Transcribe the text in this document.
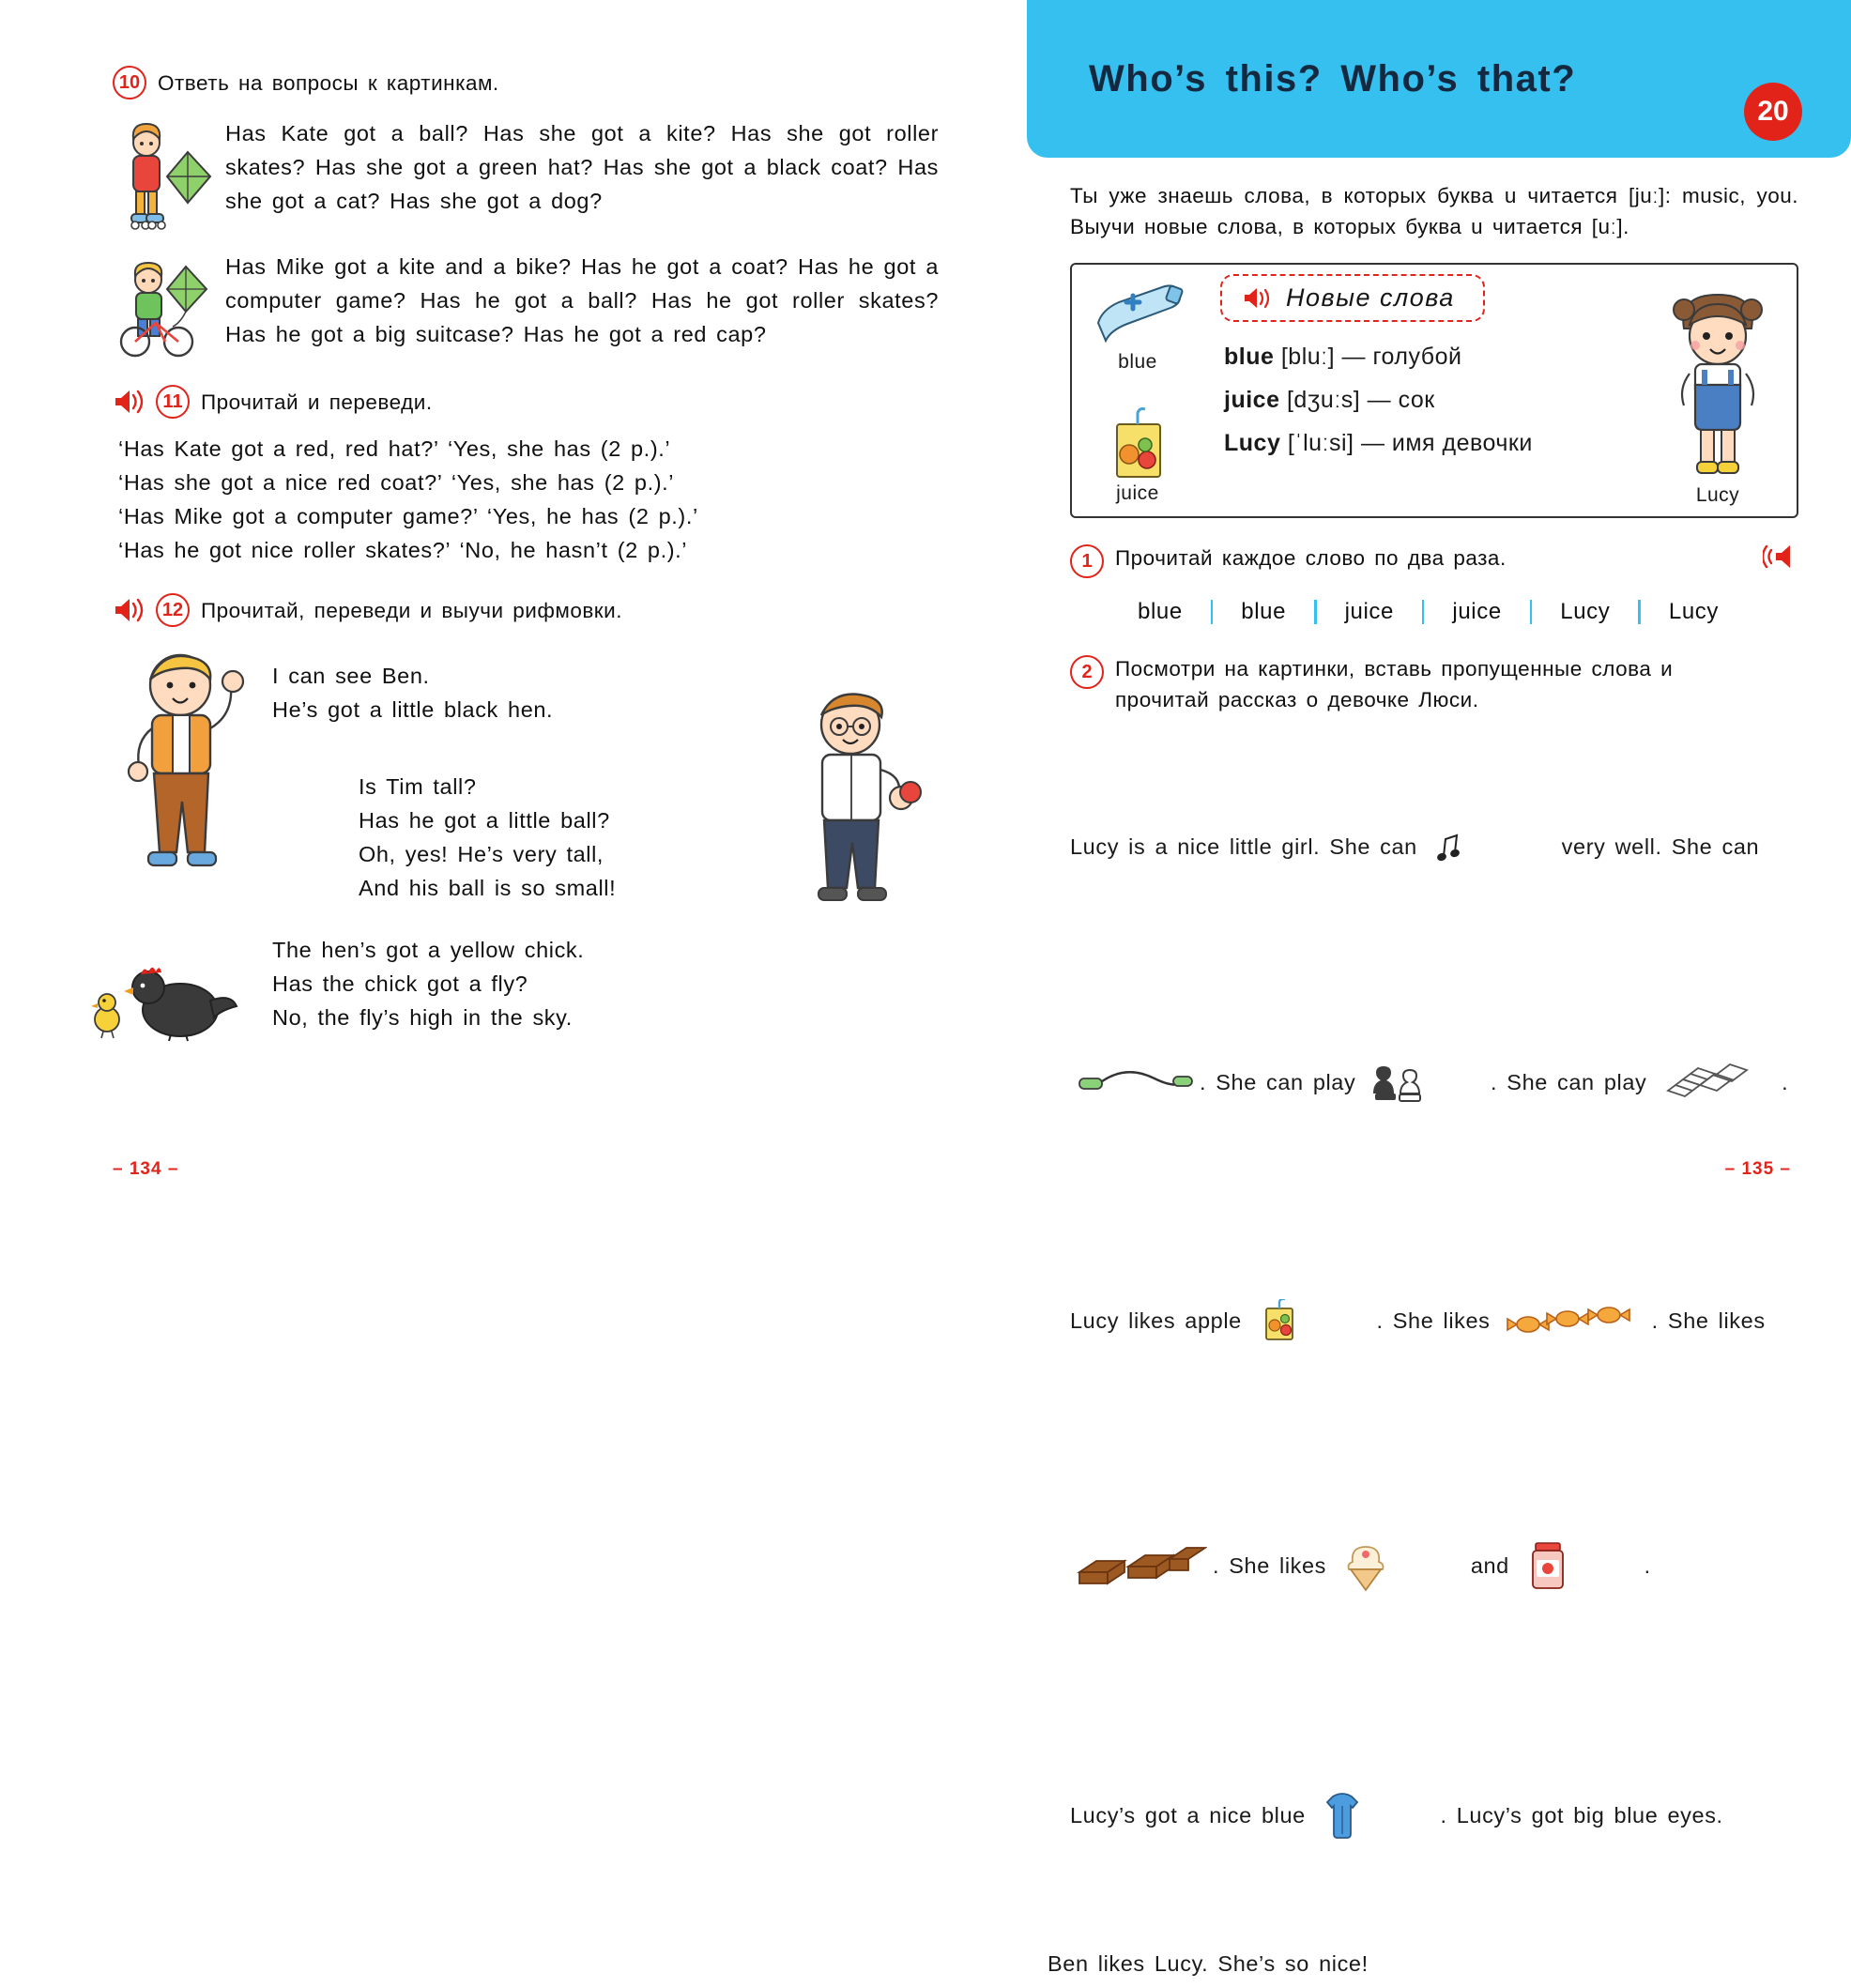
10 Ответь на вопросы к картинкам.
Has Kate got a ball? Has she got a kite? Has she got roller skates? Has she got a green hat? Has she got a black coat? Has she got a cat? Has she got a dog?
Has Mike got a kite and a bike? Has he got a coat? Has he got a computer game? Has he got a ball? Has he got roller skates? Has he got a big suitcase? Has he got a red cap?
11 Прочитай и переведи.
‘Has Kate got a red, red hat?’ ‘Yes, she has (2 p.).’
‘Has she got a nice red coat?’ ‘Yes, she has (2 p.).’
‘Has Mike got a computer game?’ ‘Yes, he has (2 p.).’
‘Has he got nice roller skates?’ ‘No, he hasn’t (2 p.).’
12 Прочитай, переведи и выучи рифмовки.
I can see Ben.
He’s got a little black hen.
Is Tim tall?
Has he got a little ball?
Oh, yes! He’s very tall,
And his ball is so small!
The hen’s got a yellow chick.
Has the chick got a fly?
No, the fly’s high in the sky.
– 134 –
Who’s this? Who’s that?
20
Ты уже знаешь слова, в которых буква u читается [juː]: music, you. Выучи новые слова, в которых буква u читается [uː].
blue
juice
Новые слова
blue [bluː] — голубой
juice [dʒuːs] — сок
Lucy [ˈluːsi] — имя девочки
Lucy
1	Прочитай каждое слово по два раза.
blue	blue	juice	juice	Lucy	Lucy
2	Посмотри на картинки, вставь пропущенные слова и прочитай рассказ о девочке Люси.
Lucy is a nice little girl. She can

	very well. She can

. She can play

	. She can play

	.
Lucy likes apple

	. She likes

	. She likes

. She likes

	and

	.
Lucy’s got a nice blue

	. Lucy’s got big blue eyes.
Ben likes Lucy. She’s so nice!
– 135 –
